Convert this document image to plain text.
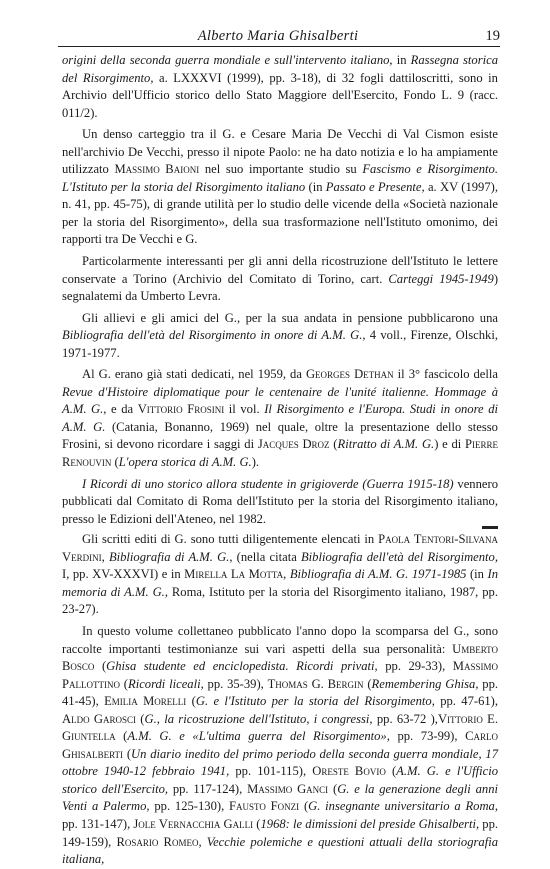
Alberto Maria Ghisalberti	19

origini della seconda guerra mondiale e sull'intervento italiano, in Rassegna storica del Risorgimento, a. LXXXVI (1999), pp. 3-18), di 32 fogli dattiloscritti, sono in Archivio dell'Ufficio storico dello Stato Maggiore dell'Esercito, Fondo L. 9 (racc. 011/2).

Un denso carteggio tra il G. e Cesare Maria De Vecchi di Val Cismon esiste nell'archivio De Vecchi, presso il nipote Paolo: ne ha dato notizia e lo ha ampiamente utilizzato Massimo Baioni nel suo importante studio su Fascismo e Risorgimento. L'Istituto per la storia del Risorgimento italiano (in Passato e Presente, a. XV (1997), n. 41, pp. 45-75), di grande utilità per lo studio delle vicende della «Società nazionale per la storia del Risorgimento», della sua trasformazione nell'Istituto omonimo, dei rapporti tra De Vecchi e G.

Particolarmente interessanti per gli anni della ricostruzione dell'Istituto le lettere conservate a Torino (Archivio del Comitato di Torino, cart. Carteggi 1945-1949) segnalatemi da Umberto Levra.

Gli allievi e gli amici del G., per la sua andata in pensione pubblicarono una Bibliografia dell'età del Risorgimento in onore di A.M. G., 4 voll., Firenze, Olschki, 1971-1977.

Al G. erano già stati dedicati, nel 1959, da Georges Dethan il 3° fascicolo della Revue d'Histoire diplomatique pour le centenaire de l'unité italienne. Hommage à A.M. G., e da Vittorio Frosini il vol. Il Risorgimento e l'Europa. Studi in onore di A.M. G. (Catania, Bonanno, 1969) nel quale, oltre la presentazione dello stesso Frosini, si devono ricordare i saggi di Jacques Droz (Ritratto di A.M. G.) e di Pierre Renouvin (L'opera storica di A.M. G.).

I Ricordi di uno storico allora studente in grigioverde (Guerra 1915-18) vennero pubblicati dal Comitato di Roma dell'Istituto per la storia del Risorgimento italiano, presso le Edizioni dell'Ateneo, nel 1982.

Gli scritti editi di G. sono tutti diligentemente elencati in Paola Tentori-Silvana Verdini, Bibliografia di A.M. G., (nella citata Bibliografia dell'età del Risorgimento, I, pp. XV-XXXVI) e in Mirella La Motta, Bibliografia di A.M. G. 1971-1985 (in In memoria di A.M. G., Roma, Istituto per la storia del Risorgimento italiano, 1987, pp. 23-27).

In questo volume collettaneo pubblicato l'anno dopo la scomparsa del G., sono raccolte importanti testimonianze sui vari aspetti della sua personalità: Umberto Bosco (Ghisa studente ed enciclopedista. Ricordi privati, pp. 29-33), Massimo Pallottino (Ricordi liceali, pp. 35-39), Thomas G. Bergin (Remembering Ghisa, pp. 41-45), Emilia Morelli (G. e l'Istituto per la storia del Risorgimento, pp. 47-61), Aldo Garosci (G., la ricostruzione dell'Istituto, i congressi, pp. 63-72 ),Vittorio E. Giuntella (A.M. G. e «L'ultima guerra del Risorgimento», pp. 73-99), Carlo Ghisalberti (Un diario inedito del primo periodo della seconda guerra mondiale, 17 ottobre 1940-12 febbraio 1941, pp. 101-115), Oreste Bovio (A.M. G. e l'Ufficio storico dell'Esercito, pp. 117-124), Massimo Ganci (G. e la generazione degli anni Venti a Palermo, pp. 125-130), Fausto Fonzi (G. insegnante universitario a Roma, pp. 131-147), Jole Vernacchia Galli (1968: le dimissioni del preside Ghisalberti, pp. 149-159), Rosario Romeo, Vecchie polemiche e questioni attuali della storiografia italiana,
